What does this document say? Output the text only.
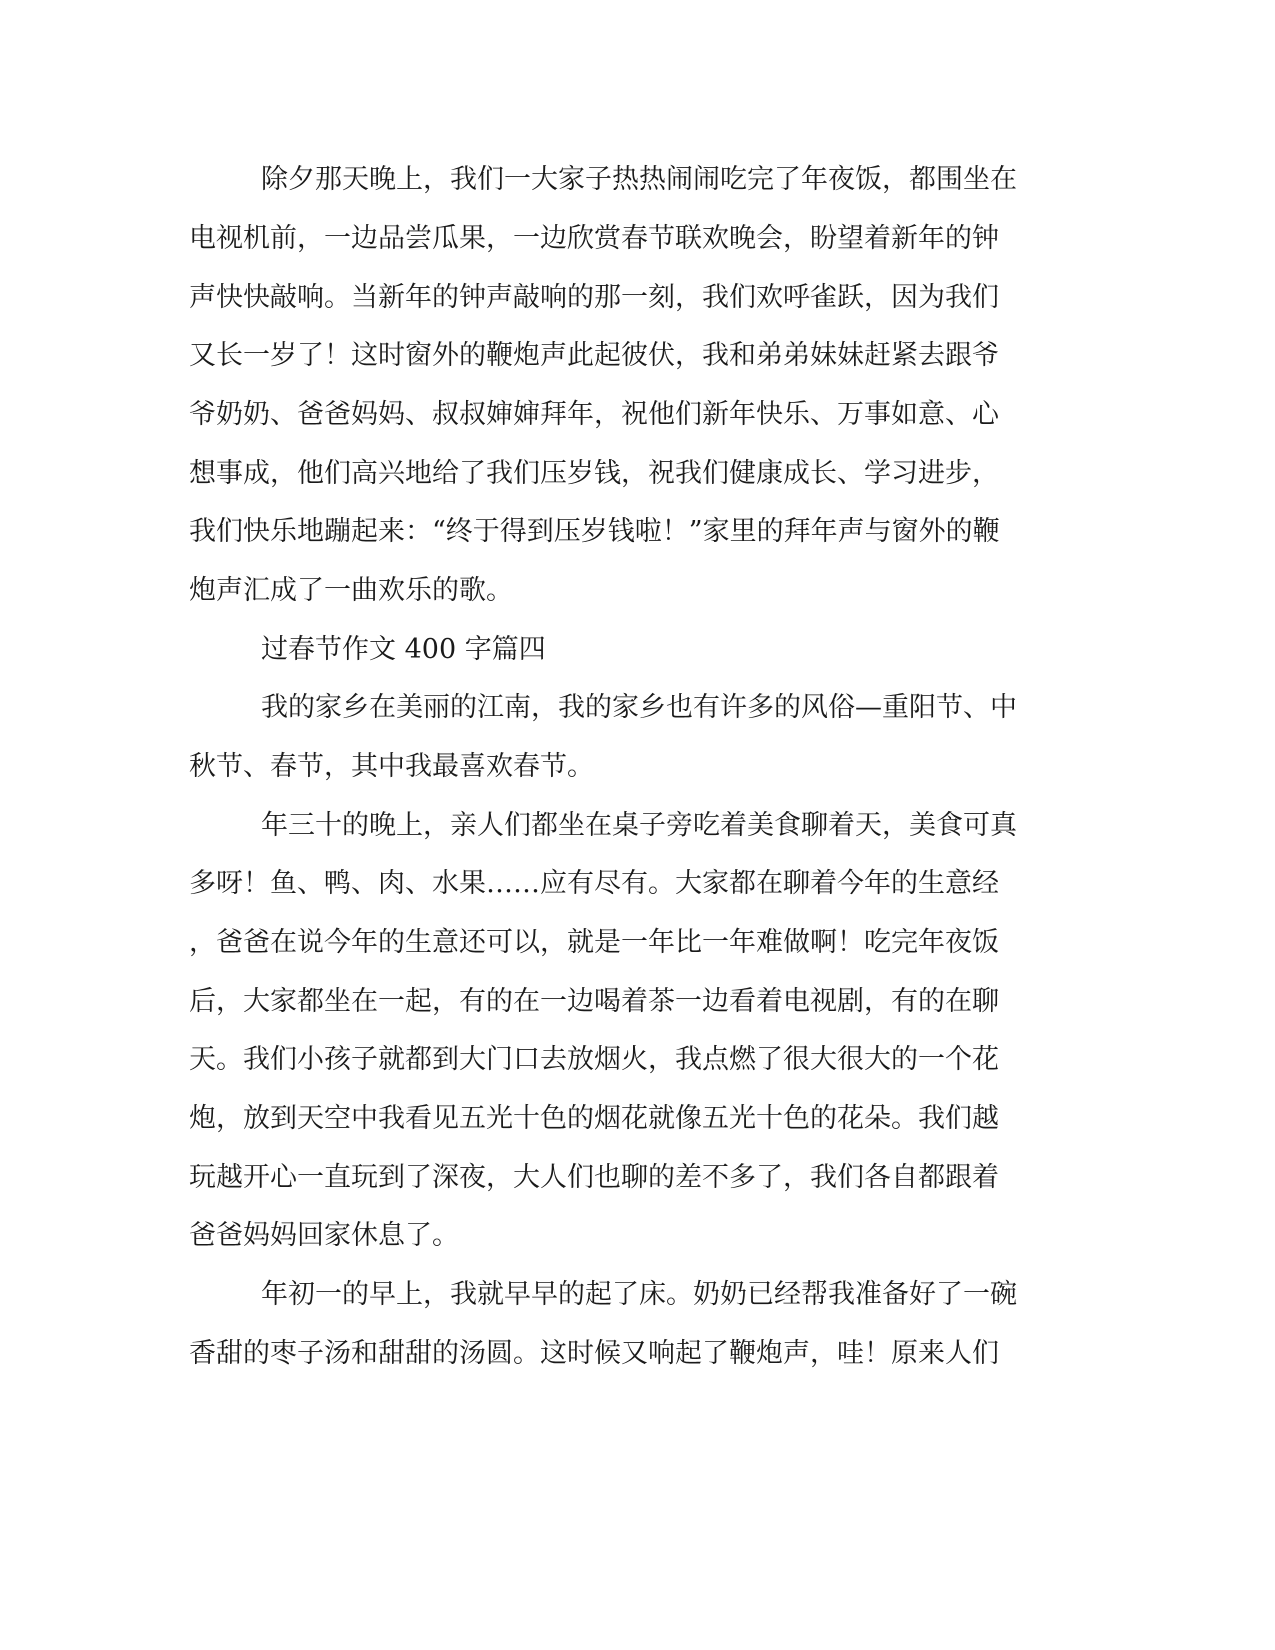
除夕那天晚上，我们一大家子热热闹闹吃完了年夜饭，都围坐在

电视机前，一边品尝瓜果，一边欣赏春节联欢晚会，盼望着新年的钟

声快快敲响。当新年的钟声敲响的那一刻，我们欢呼雀跃，因为我们

又长一岁了！这时窗外的鞭炮声此起彼伏，我和弟弟妹妹赶紧去跟爷

爷奶奶、爸爸妈妈、叔叔婶婶拜年，祝他们新年快乐、万事如意、心

想事成，他们高兴地给了我们压岁钱，祝我们健康成长、学习进步，

我们快乐地蹦起来：“终于得到压岁钱啦！”家里的拜年声与窗外的鞭

炮声汇成了一曲欢乐的歌。

过春节作文 400 字篇四

我的家乡在美丽的江南，我的家乡也有许多的风俗—重阳节、中

秋节、春节，其中我最喜欢春节。

年三十的晚上，亲人们都坐在桌子旁吃着美食聊着天，美食可真

多呀！鱼、鸭、肉、水果……应有尽有。大家都在聊着今年的生意经

，爸爸在说今年的生意还可以，就是一年比一年难做啊！吃完年夜饭

后，大家都坐在一起，有的在一边喝着茶一边看着电视剧，有的在聊

天。我们小孩子就都到大门口去放烟火，我点燃了很大很大的一个花

炮，放到天空中我看见五光十色的烟花就像五光十色的花朵。我们越

玩越开心一直玩到了深夜，大人们也聊的差不多了，我们各自都跟着

爸爸妈妈回家休息了。

年初一的早上，我就早早的起了床。奶奶已经帮我准备好了一碗

香甜的枣子汤和甜甜的汤圆。这时候又响起了鞭炮声，哇！原来人们
